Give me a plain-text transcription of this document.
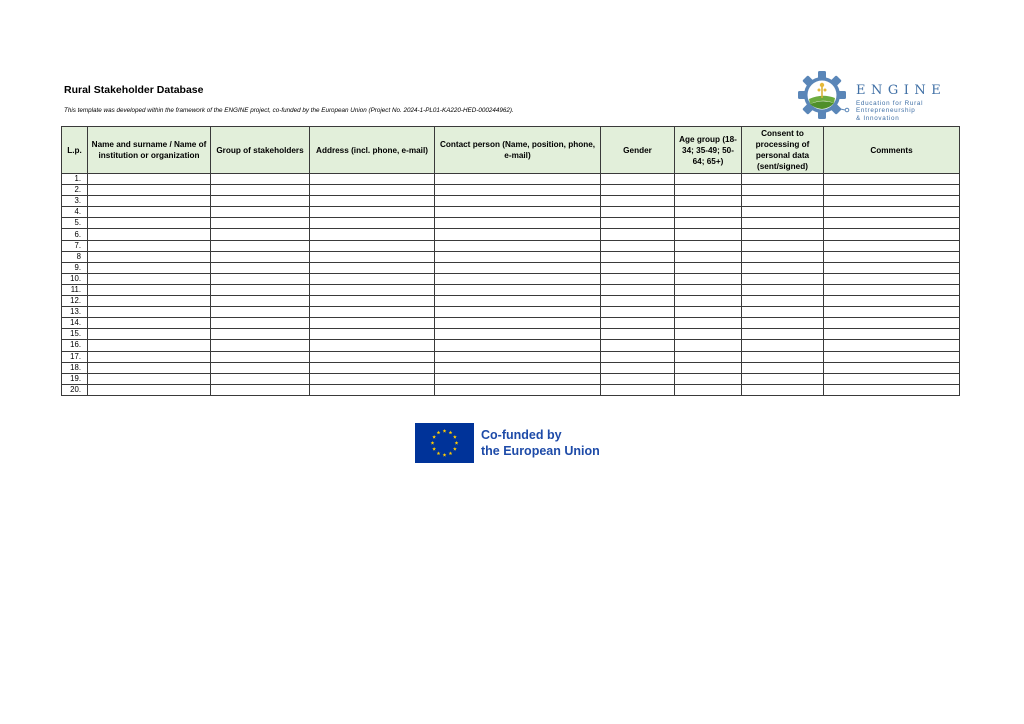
Rural Stakeholder Database
This template was developed within the framework of the ENGINE project, co-funded by the European Union (Project No. 2024-1-PL01-KA220-HED-000244962).
ENGINE
Education for Rural
Entrepreneurship
& Innovation
L.p.	Name and surname / Name of institution or organization	Group of stakeholders	Address (incl. phone, e-mail)	Contact person (Name, position, phone, e-mail)	Gender	Age group (18-34; 35-49; 50-64; 65+)	Consent to processing of personal data (sent/signed)	Comments
1.								
2.								
3.								
4.								
5.								
6.								
7.								
8								
9.								
10.								
11.								
12.								
13.								
14.								
15.								
16.								
17.								
18.								
19.								
20.								
Co-funded by
the European Union
